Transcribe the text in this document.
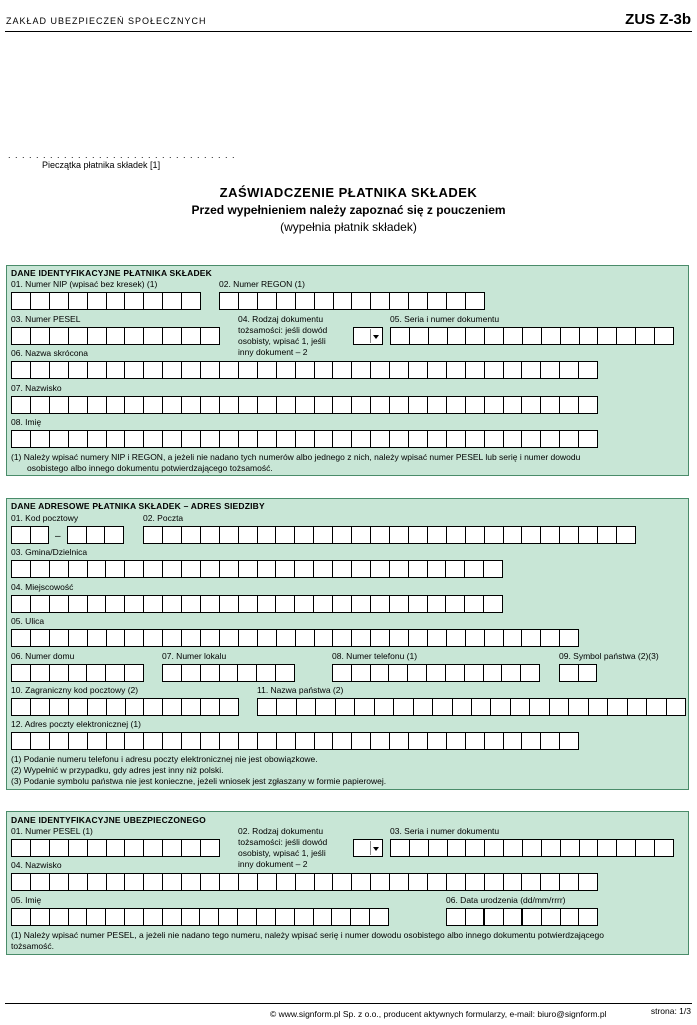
ZAKŁAD UBEZPIECZEŃ SPOŁECZNYCH	ZUS Z-3b
. . . . . . . . . . . . . . . . . . . . . . . . . . . . . . . . .
Pieczątka płatnika składek [1]
ZAŚWIADCZENIE PŁATNIKA SKŁADEK
Przed wypełnieniem należy zapoznać się z pouczeniem
(wypełnia płatnik składek)
DANE IDENTYFIKACYJNE PŁATNIKA SKŁADEK
01. Numer NIP (wpisać bez kresek) (1)	02. Numer REGON (1)
03. Numer PESEL	04. Rodzaj dokumentu
tożsamości: jeśli dowód
osobisty, wpisać 1, jeśli
inny dokument – 2
05. Seria i numer dokumentu
06. Nazwa skrócona
07. Nazwisko
08. Imię
(1) Należy wpisać numery NIP i REGON, a jeżeli nie nadano tych numerów albo jednego z nich, należy wpisać numer PESEL lub serię i numer dowodu
osobistego albo innego dokumentu potwierdzającego tożsamość.
DANE ADRESOWE PŁATNIKA SKŁADEK – ADRES SIEDZIBY
01. Kod pocztowy
–
02. Poczta
03. Gmina/Dzielnica
04. Miejscowość
05. Ulica
06. Numer domu	07. Numer lokalu	08. Numer telefonu (1)	09. Symbol państwa (2)(3)
10. Zagraniczny kod pocztowy (2)	11. Nazwa państwa (2)
12. Adres poczty elektronicznej (1)
(1) Podanie numeru telefonu i adresu poczty elektronicznej nie jest obowiązkowe.
(2) Wypełnić w przypadku, gdy adres jest inny niż polski.
(3) Podanie symbolu państwa nie jest konieczne, jeżeli wniosek jest zgłaszany w formie papierowej.
DANE IDENTYFIKACYJNE UBEZPIECZONEGO
01. Numer PESEL (1)	02. Rodzaj dokumentu
tożsamości: jeśli dowód
osobisty, wpisać 1, jeśli
inny dokument – 2
03. Seria i numer dokumentu
04. Nazwisko
05. Imię	06. Data urodzenia (dd/mm/rrrr)
(1) Należy wpisać numer PESEL, a jeżeli nie nadano tego numeru, należy wpisać serię i numer dowodu osobistego albo innego dokumentu potwierdzającego
tożsamość.
© www.signform.pl Sp. z o.o., producent aktywnych formularzy, e-mail: biuro@signform.pl	strona: 1/3
